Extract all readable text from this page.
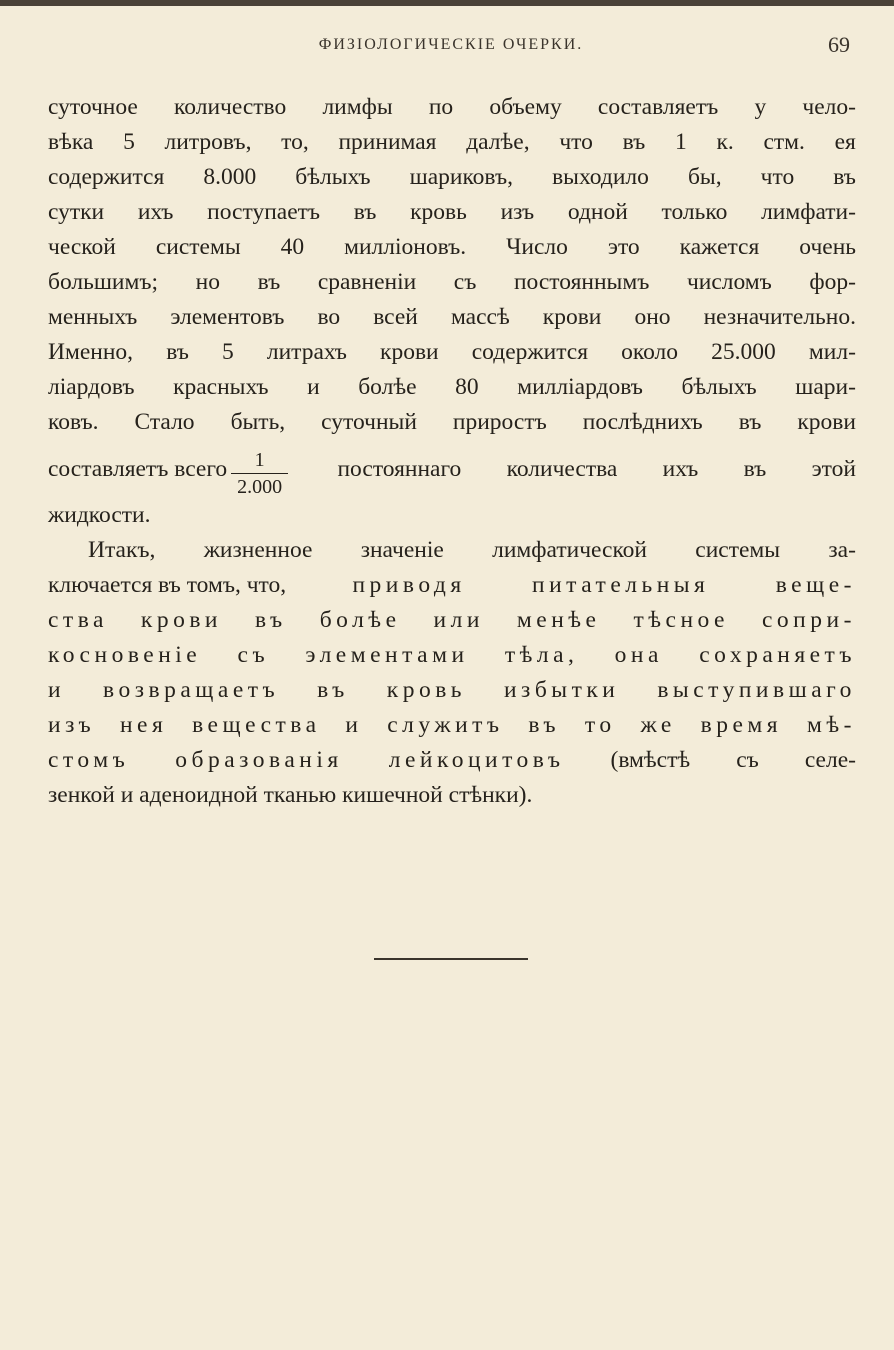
ФИЗІОЛОГИЧЕСКІЕ ОЧЕРКИ.	69
суточное количество лимфы по объему составляетъ у чело-
вѣка 5 литровъ, то, принимая далѣе, что въ 1 к. стм. ея
содержится 8.000 бѣлыхъ шариковъ, выходило бы, что въ
сутки ихъ поступаетъ въ кровь изъ одной только лимфати-
ческой системы 40 милліоновъ. Число это кажется очень
большимъ; но въ сравненіи съ постояннымъ числомъ фор-
менныхъ элементовъ во всей массѣ крови оно незначительно.
Именно, въ 5 литрахъ крови содержится около 25.000 мил-
ліардовъ красныхъ и болѣе 80 милліардовъ бѣлыхъ шари-
ковъ. Стало быть, суточный приростъ послѣднихъ въ крови
составляетъ всего $\frac{1}{2.000}$ постояннаго количества ихъ въ этой
жидкости.
Итакъ, жизненное значеніе лимфатической системы за-
ключается въ томъ, что,	приводя	питательныя	веще-
ства крови въ болѣе или менѣе тѣсное сопри-
косновеніе съ элементами тѣла, она сохраняетъ
и возвращаетъ въ кровь избытки выступившаго
изъ нея вещества и служитъ въ то же время мѣ-
стомъ образованія лейкоцитовъ (вмѣстѣ съ селе-
зенкой и аденоидной тканью кишечной стѣнки).
